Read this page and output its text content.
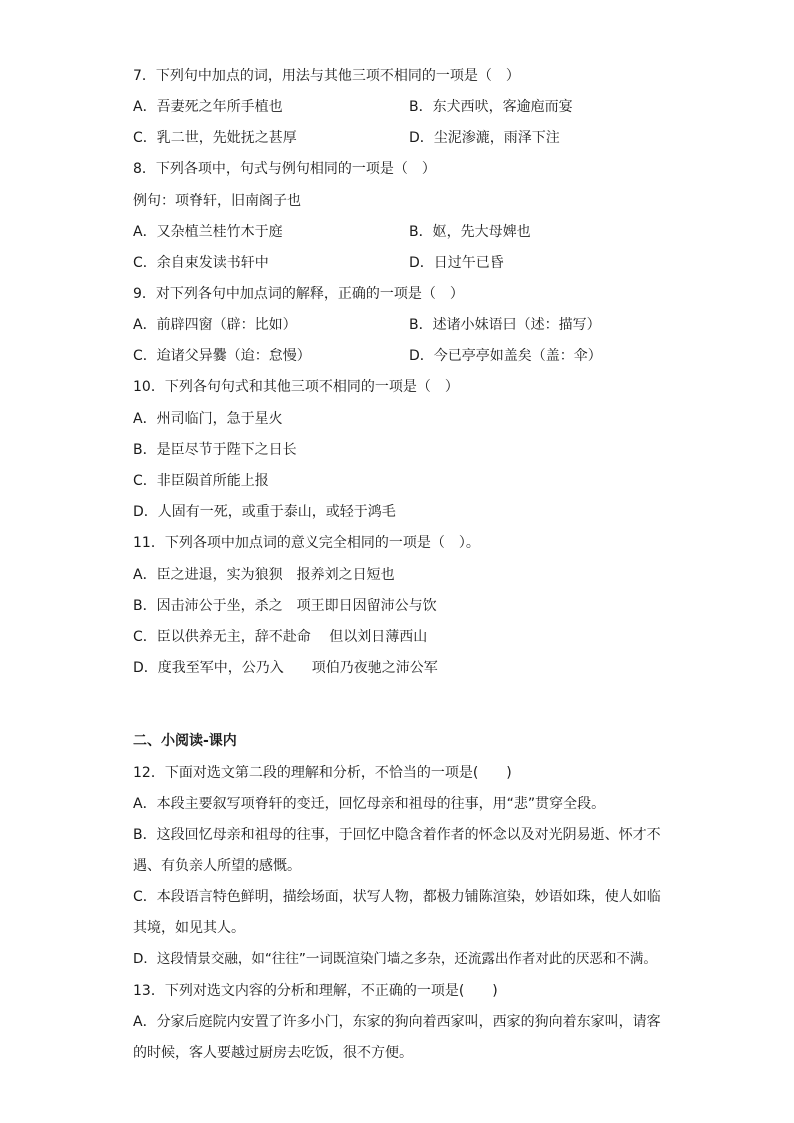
7．下列句中加点的词，用法与其他三项不相同的一项是（　）
A．吾妻死之年所手植也	B．东犬西吠，客逾庖而宴
C．乳二世，先妣抚之甚厚	D．尘泥渗漉，雨泽下注
8．下列各项中，句式与例句相同的一项是（　）
例句：项脊轩，旧南阁子也
A．又杂植兰桂竹木于庭	B．妪，先大母婢也
C．余自束发读书轩中	D．日过午已昏
9．对下列各句中加点词的解释，正确的一项是（　）
A．前辟四窗（辟：比如）	B．述诸小妹语曰（述：描写）
C．迨诸父异爨（迨：怠慢）	D．今已亭亭如盖矣（盖：伞）
10．下列各句句式和其他三项不相同的一项是（　）
A．州司临门，急于星火
B．是臣尽节于陛下之日长
C．非臣陨首所能上报
D．人固有一死，或重于泰山，或轻于鸿毛
11．下列各项中加点词的意义完全相同的一项是（　）。
A．臣之进退，实为狼狈　报养刘之日短也
B．因击沛公于坐，杀之　项王即日因留沛公与饮
C．臣以供养无主，辞不赴命　 但以刘日薄西山
D．度我至军中，公乃入　　项伯乃夜驰之沛公军
二、小阅读-课内
12．下面对选文第二段的理解和分析，不恰当的一项是(　　)
A．本段主要叙写项脊轩的变迁，回忆母亲和祖母的往事，用“悲”贯穿全段。
B．这段回忆母亲和祖母的往事，于回忆中隐含着作者的怀念以及对光阴易逝、怀才不
遇、有负亲人所望的感慨。
C．本段语言特色鲜明，描绘场面，状写人物，都极力铺陈渲染，妙语如珠，使人如临
其境，如见其人。
D．这段情景交融，如“往往”一词既渲染门墙之多杂，还流露出作者对此的厌恶和不满。
13．下列对选文内容的分析和理解，不正确的一项是(　　)
A．分家后庭院内安置了许多小门，东家的狗向着西家叫，西家的狗向着东家叫，请客
的时候，客人要越过厨房去吃饭，很不方便。
